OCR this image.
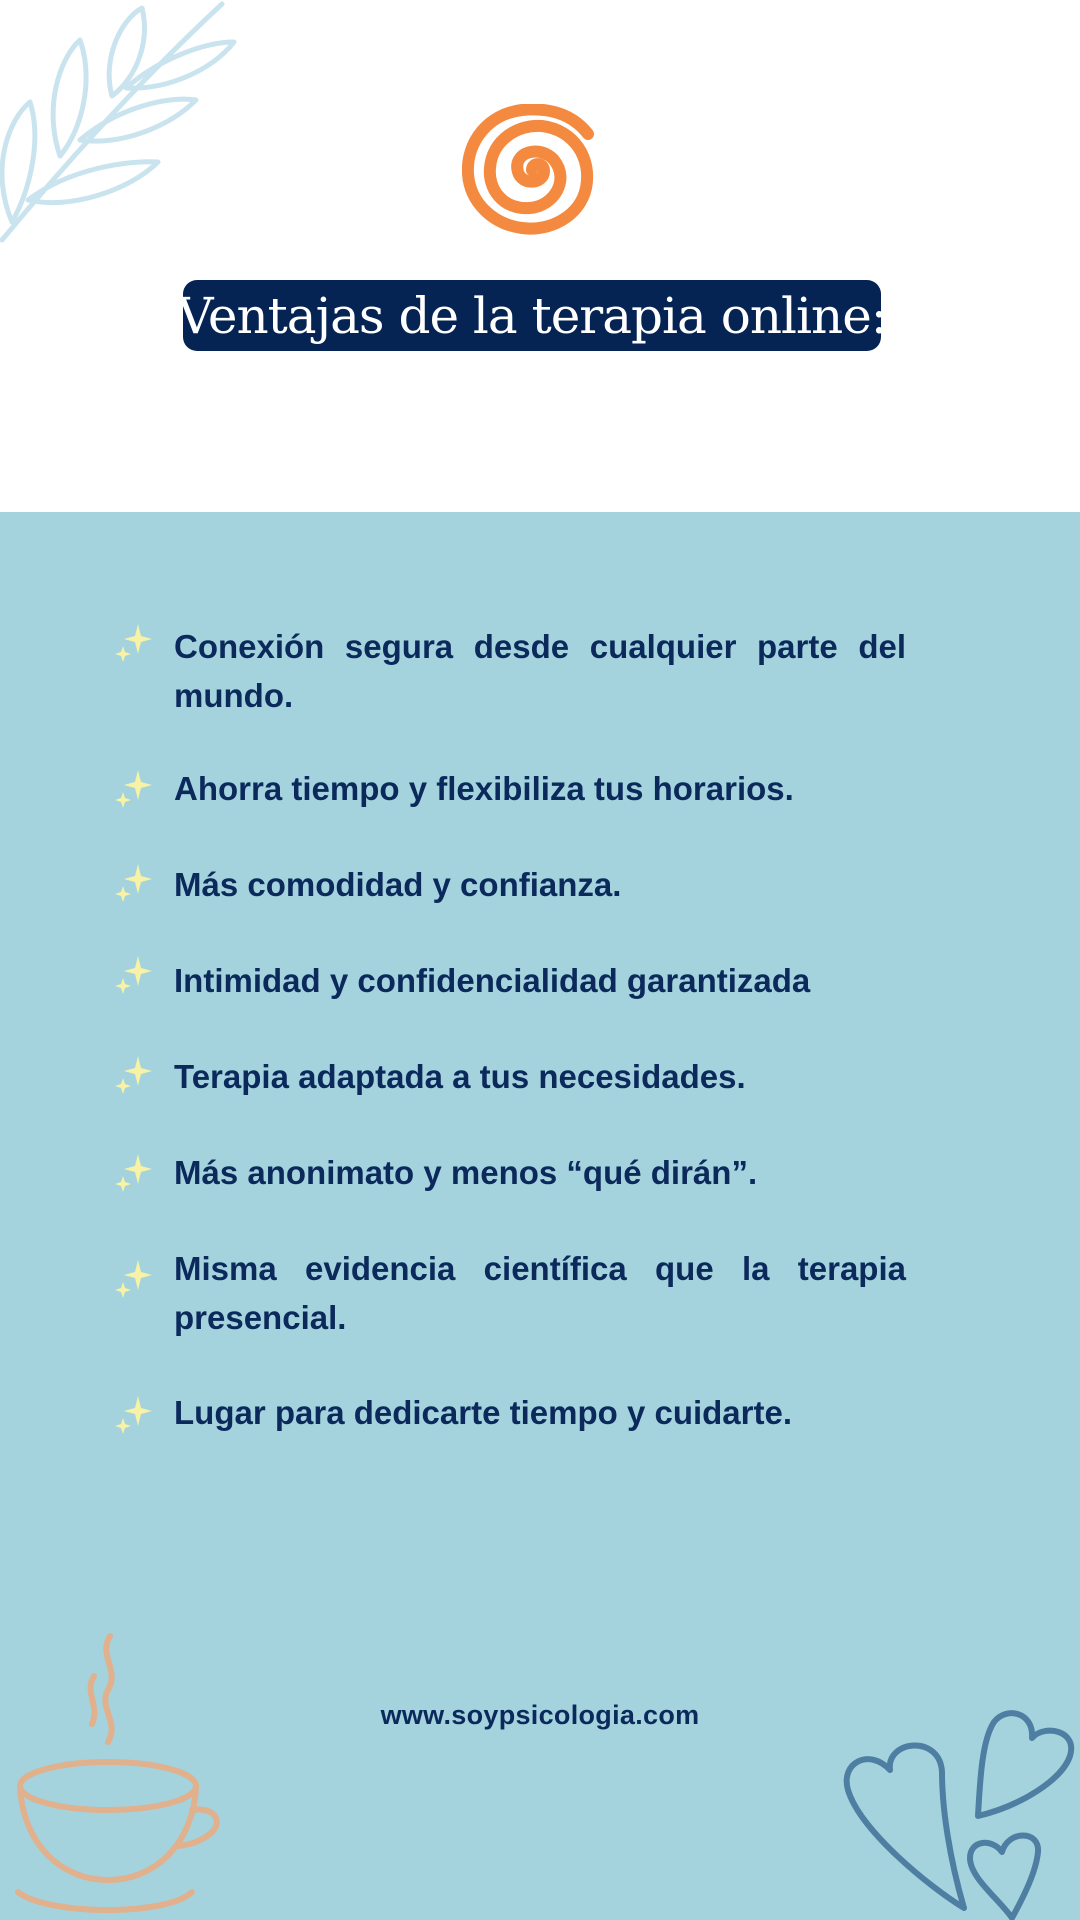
Ventajas de la terapia online:
Conexión segura desde cualquier parte del mundo.
Ahorra tiempo y flexibiliza tus horarios.
Más comodidad y confianza.
Intimidad y confidencialidad garantizada
Terapia adaptada a tus necesidades.
Más anonimato y menos “qué dirán”.
Misma evidencia científica que la terapia presencial.
Lugar para dedicarte tiempo y cuidarte.
www.soypsicologia.com
